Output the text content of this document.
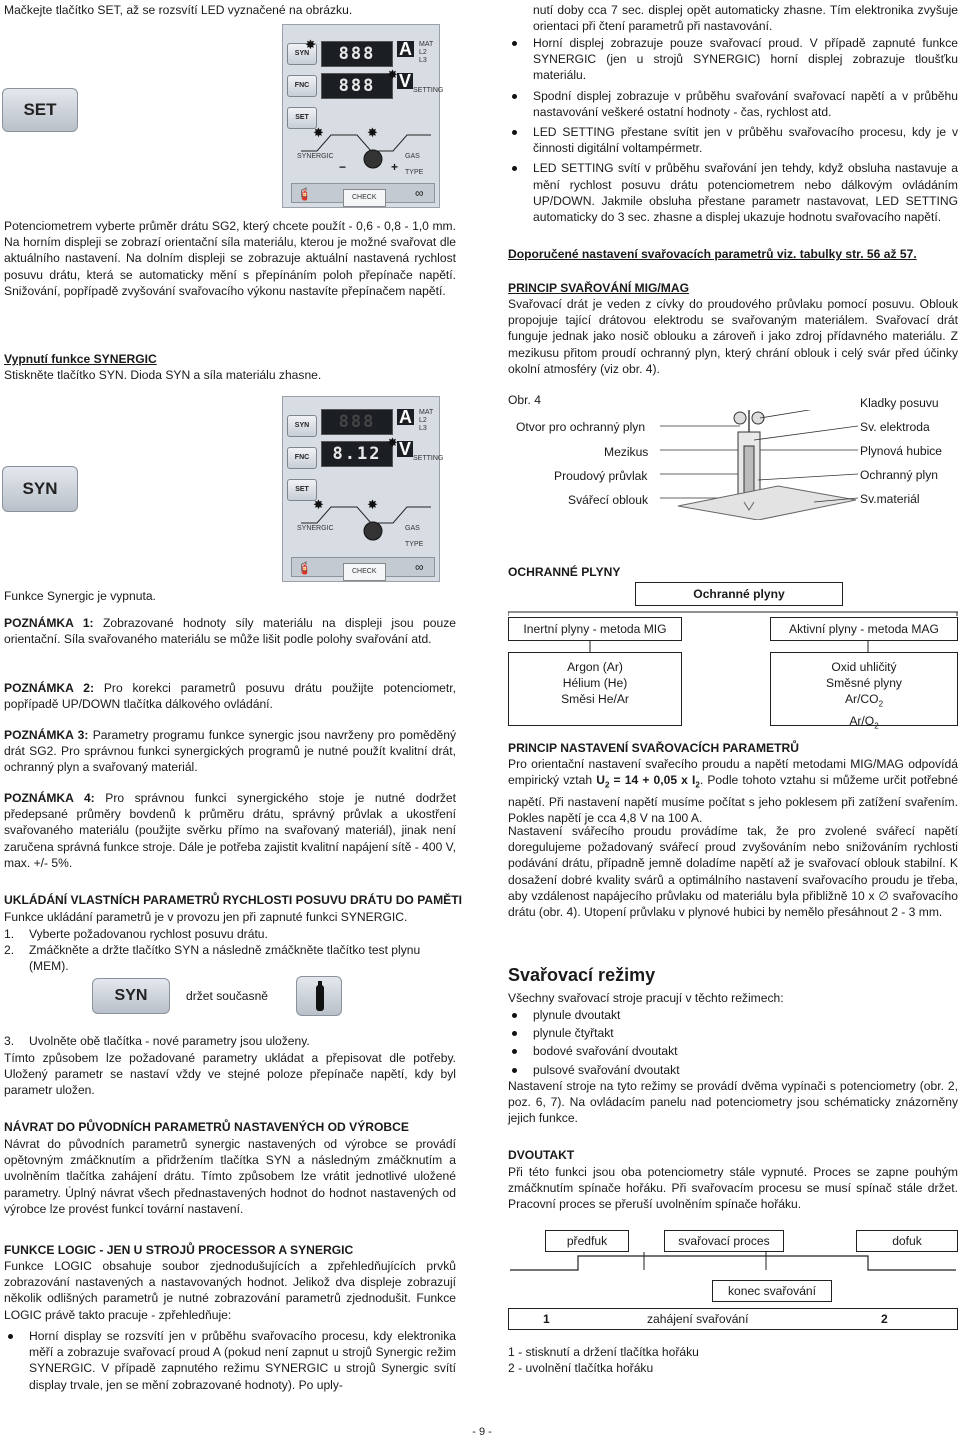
Mačkejte tlačítko SET, až se rozsvítí LED vyznačené na obrázku.

SET
SYN
FNC
SET
888
888
A
V
MAT
L2
L3
SETTING
✸
✸
✸	✸
SYNERGIC	GAS TYPE
−	+
🧯	CHECK	∞

Potenciometrem vyberte průměr drátu SG2, který chcete použít - 0,6 - 0,8 - 1,0 mm. Na horním displeji se zobrazí orientační síla materiálu, kterou je možné svařovat dle aktuálního nastavení. Na dolním displeji se zobrazuje aktuální nastavená rychlost posuvu drátu, která se automaticky mění s přepínáním poloh přepínače napětí. Snižování, popřípadě zvyšování svařovacího výkonu nastavíte přepínačem napětí.

Vypnutí funkce SYNERGIC

Stiskněte tlačítko SYN. Dioda SYN a síla materiálu zhasne.

SYN
SYN
FNC
SET
888
8.12
A
V
MAT
L2
L3
SETTING
✸
✸	✸
SYNERGIC	GAS TYPE
🧯	CHECK	∞

Funkce Synergic je vypnuta.

POZNÁMKA 1: Zobrazované hodnoty síly materiálu na displeji jsou pouze orientační. Síla svařovaného materiálu se může lišit podle polohy svařování atd.

POZNÁMKA 2: Pro korekci parametrů posuvu drátu použijte potenciometr, popřípadě UP/DOWN tlačítka dálkového ovládání.

POZNÁMKA 3: Parametry programu funkce synergic jsou navrženy pro poměděný drát SG2. Pro správnou funkci synergických programů je nutné použít kvalitní drát, ochranný plyn a svařovaný materiál.

POZNÁMKA 4: Pro správnou funkci synergického stoje je nutné dodržet předepsané průměry bovdenů k průměru drátu, správný průvlak a ukostření svařovaného materiálu (použijte svěrku přímo na svařovaný materiál), jinak není zaručena správná funkce stroje. Dále je potřeba zajistit kvalitní napájení sítě - 400 V, max. +/- 5%.

UKLÁDÁNÍ VLASTNÍCH PARAMETRŮ RYCHLOSTI POSUVU DRÁTU DO PAMĚTI

Funkce ukládání parametrů je v provozu jen při zapnuté funkci SYNERGIC.

1. Vyberte požadovanou rychlost posuvu drátu.
2. Zmáčkněte a držte tlačítko SYN a následně zmáčkněte tlačítko test plynu (MEM).
SYN	držet současně

3. Uvolněte obě tlačítka - nové parametry jsou uloženy.

Tímto způsobem lze požadované parametry ukládat a přepisovat dle potřeby. Uložený parametr se nastaví vždy ve stejné poloze přepínače napětí, kdy byl parametr uložen.

NÁVRAT DO PŮVODNÍCH PARAMETRŮ NASTAVENÝCH OD VÝROBCE

Návrat do původních parametrů synergic nastavených od výrobce se provádí opětovným zmáčknutím a přidržením tlačítka SYN a následným zmáčknutím a uvolněním tlačítka zahájení drátu. Tímto způsobem lze vrátit jednotlivé uložené parametry. Úplný návrat všech přednastavených hodnot do hodnot nastavených od výrobce lze provést funkcí tovární nastavení.

FUNKCE LOGIC - JEN U STROJŮ PROCESSOR A SYNERGIC

Funkce LOGIC obsahuje soubor zjednodušujících a zpřehledňujících prvků zobrazování nastavených a nastavovaných hodnot. Jelikož dva displeje zobrazují několik odlišných parametrů je nutné zobrazování parametrů zjednodušit. Funkce LOGIC právě takto pracuje - zpřehledňuje:

Horní display se rozsvítí jen v průběhu svařovacího procesu, kdy elektronika měří a zobrazuje svařovací proud A (pokud není zapnut u strojů Synergic režim SYNERGIC. V případě zapnutého režimu SYNERGIC u strojů Synergic svítí display trvale, jen se mění zobrazované hodnoty). Po uply-

nutí doby cca 7 sec. displej opět automaticky zhasne. Tím elektronika zvyšuje orientaci při čtení parametrů při nastavování.

Horní displej zobrazuje pouze svařovací proud. V případě zapnuté funkce SYNERGIC (jen u strojů SYNERGIC) horní displej zobrazuje tloušťku materiálu.
Spodní displej zobrazuje v průběhu svařování svařovací napětí a v průběhu nastavování veškeré ostatní hodnoty - čas, rychlost atd.
LED SETTING přestane svítit jen v průběhu svařovacího procesu, kdy je v činnosti digitální voltampérmetr.
LED SETTING svítí v průběhu svařování jen tehdy, když obsluha nastavuje a mění rychlost posuvu drátu potenciometrem nebo dálkovým ovládáním UP/DOWN. Jakmile obsluha přestane parametr nastavovat, LED SETTING automaticky do 3 sec. zhasne a displej ukazuje hodnotu svařovacího napětí.

Doporučené nastavení svařovacích parametrů viz. tabulky str. 56 až 57.

PRINCIP SVAŘOVÁNÍ MIG/MAG

Svařovací drát je veden z cívky do proudového průvlaku pomocí posuvu. Oblouk propojuje tající drátovou elektrodu se svařovaným materiálem. Svařovací drát funguje jednak jako nosič oblouku a zároveň i jako zdroj přídavného materiálu. Z mezikusu přitom proudí ochranný plyn, který chrání oblouk i celý svár před účinky okolní atmosféry (viz obr. 4).

Obr. 4

Otvor pro ochranný plyn

Mezikus

Proudový průvlak

Svářecí oblouk

Kladky posuvu

Sv. elektroda

Plynová hubice

Ochranný plyn

Sv.materiál

OCHRANNÉ PLYNY

Ochranné plyny
Inertní plyny - metoda MIG	Aktivní plyny - metoda MAG
Argon (Ar)
Hélium (He)
Směsi He/Ar
Oxid uhličitý
Směsné plyny
$Ar/CO_2$
$Ar/O_2$

PRINCIP NASTAVENÍ SVAŘOVACÍCH PARAMETRŮ

Pro orientační nastavení svařecího proudu a napětí metodami MIG/MAG odpovídá empirický vztah $U_2 = 14 + 0,05$ x $I_2$. Podle tohoto vztahu si můžeme určit potřebné napětí. Při nastavení napětí musíme počítat s jeho poklesem při zatížení svařením. Pokles napětí je cca 4,8 V na 100 A.

Nastavení svářecího proudu provádíme tak, že pro zvolené svářecí napětí doregulujeme požadovaný svářecí proud zvyšováním nebo snižováním rychlosti podávání drátu, případně jemně doladíme napětí až je svařovací oblouk stabilní. K dosažení dobré kvality svárů a optimálního nastavení svařovacího proudu je třeba, aby vzdálenost napájecího průvlaku od materiálu byla přibližně 10 x ∅ svařovacího drátu (obr. 4). Utopení průvlaku v plynové hubici by nemělo přesáhnout 2 - 3 mm.

Svařovací režimy

Všechny svařovací stroje pracují v těchto režimech:

plynule dvoutakt
plynule čtyřtakt
bodové svařování dvoutakt
pulsové svařování dvoutakt

Nastavení stroje na tyto režimy se provádí dvěma vypínači s potenciometry (obr. 2, poz. 6, 7). Na ovládacím panelu nad potenciometry jsou schématicky znázorněny jejich funkce.

DVOUTAKT

Při této funkci jsou oba potenciometry stále vypnuté. Proces se zapne pouhým zmáčknutím spínače hořáku. Při svařovacím procesu se musí spínač stále držet. Pracovní proces se přeruší uvolněním spínače hořáku.

předfuk	svařovací proces	dofuk
konec svařování
1	zahájení svařování	2

1 - stisknutí a držení tlačítka hořáku

2 - uvolnění tlačítka hořáku

- 9 -
